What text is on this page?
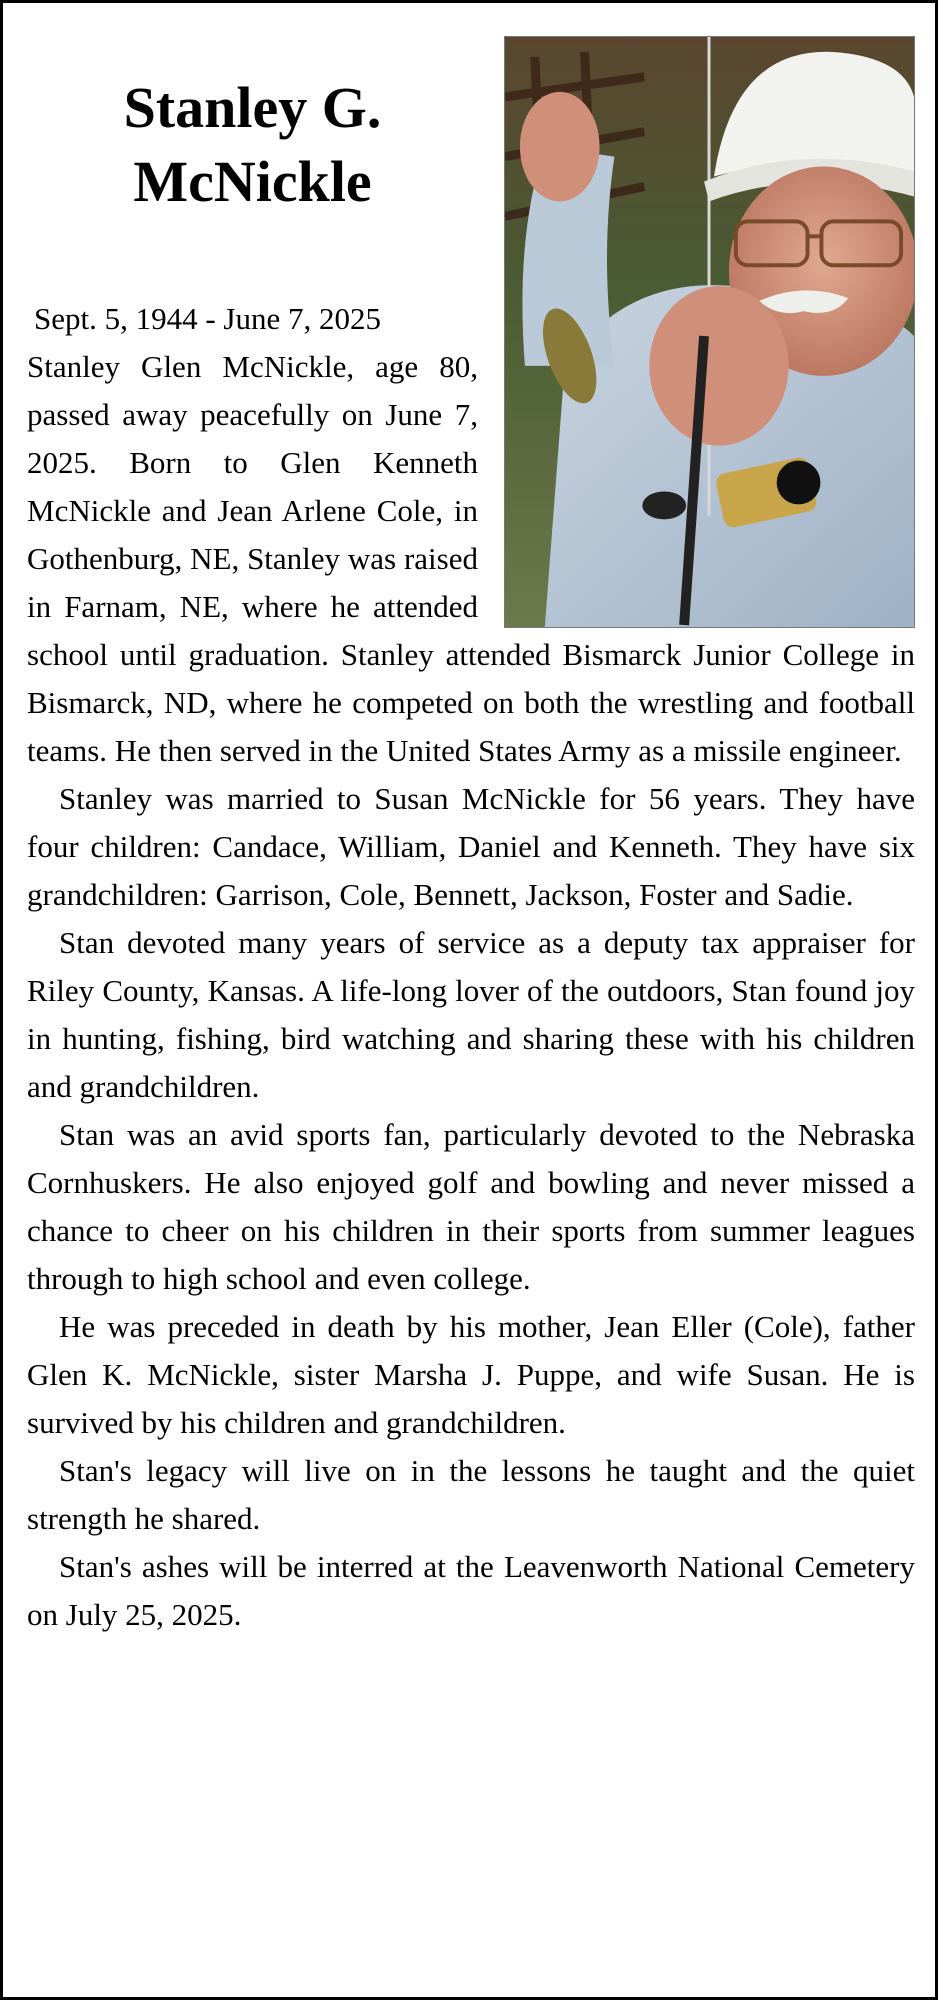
Stanley G.
McNickle
Sept. 5, 1944 - June 7, 2025

Stanley Glen McNickle, age 80, passed away peacefully on June 7, 2025. Born to Glen Kenneth McNickle and Jean Arlene Cole, in Gothenburg, NE, Stanley was raised in Farnam, NE, where he attended school until graduation. Stanley attended Bismarck Junior College in Bismarck, ND, where he competed on both the wrestling and football teams. He then served in the United States Army as a missile engineer.

Stanley was married to Susan McNickle for 56 years. They have four children: Candace, William, Daniel and Kenneth. They have six grandchildren: Garrison, Cole, Bennett, Jackson, Foster and Sadie.

Stan devoted many years of service as a deputy tax appraiser for Riley County, Kansas. A life-long lover of the outdoors, Stan found joy in hunting, fishing, bird watching and sharing these with his children and grandchildren.

Stan was an avid sports fan, particularly devoted to the Nebraska Cornhuskers. He also enjoyed golf and bowling and never missed a chance to cheer on his children in their sports from summer leagues through to high school and even college.

He was preceded in death by his mother, Jean Eller (Cole), father Glen K. McNickle, sister Marsha J. Puppe, and wife Susan. He is survived by his children and grandchildren.

Stan's legacy will live on in the lessons he taught and the quiet strength he shared.

Stan's ashes will be interred at the Leavenworth National Cemetery on July 25, 2025.
